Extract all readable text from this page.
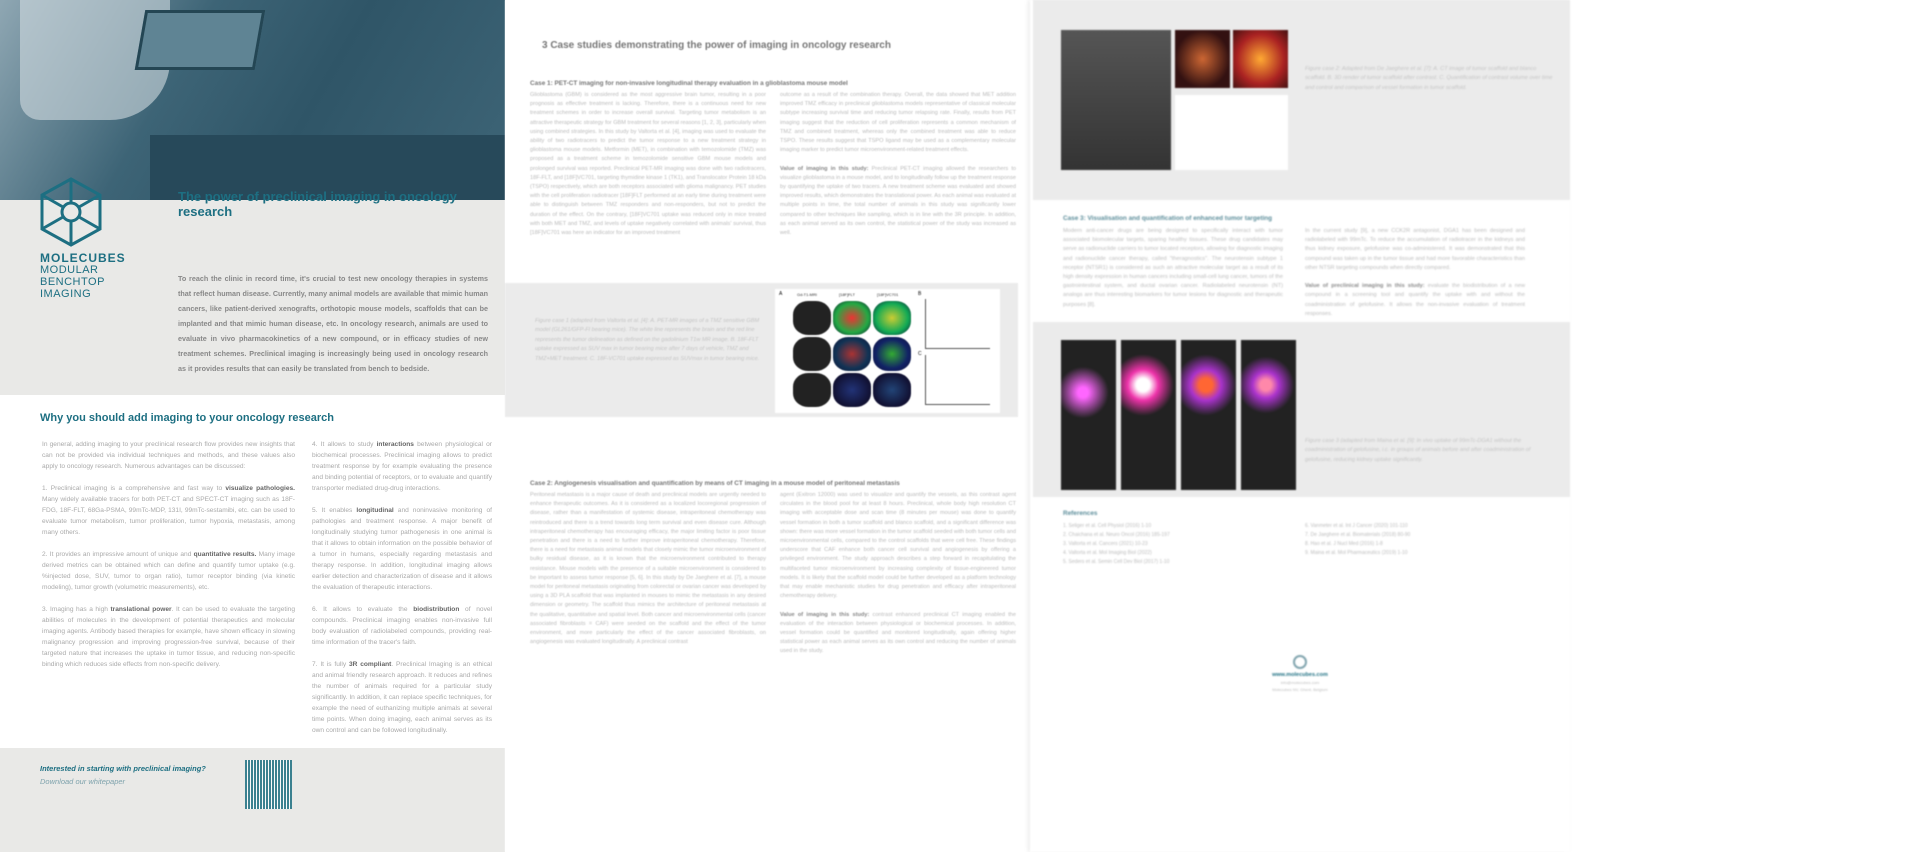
MOLECUBES
MODULAR
BENCHTOP
IMAGING
The power of preclinical imaging in oncology research
To reach the clinic in record time, it's crucial to test new oncology therapies in systems that reflect human disease. Currently, many animal models are available that mimic human cancers, like patient-derived xenografts, orthotopic mouse models, scaffolds that can be implanted and that mimic human disease, etc. In oncology research, animals are used to evaluate in vivo pharmacokinetics of a new compound, or in efficacy studies of new treatment schemes. Preclinical imaging is increasingly being used in oncology research as it provides results that can easily be translated from bench to bedside.
Why you should add imaging to your oncology research

In general, adding imaging to your preclinical research flow provides new insights that can not be provided via individual techniques and methods, and these values also apply to oncology research. Numerous advantages can be discussed:

1. Preclinical imaging is a comprehensive and fast way to visualize pathologies. Many widely available tracers for both PET-CT and SPECT-CT imaging such as 18F-FDG, 18F-FLT, 68Ga-PSMA, 99mTc-MDP, 131I, 99mTc-sestamibi, etc. can be used to evaluate tumor metabolism, tumor proliferation, tumor hypoxia, metastasis, among many others.

2. It provides an impressive amount of unique and quantitative results. Many image derived metrics can be obtained which can define and quantify tumor uptake (e.g. %injected dose, SUV, tumor to organ ratio), tumor receptor binding (via kinetic modeling), tumor growth (volumetric measurements), etc.

3. Imaging has a high translational power. It can be used to evaluate the targeting abilities of molecules in the development of potential therapeutics and molecular imaging agents. Antibody based therapies for example, have shown efficacy in slowing malignancy progression and improving progression-free survival, because of their targeted nature that increases the uptake in tumor tissue, and reducing non-specific binding which reduces side effects from non-specific delivery.

4. It allows to study interactions between physiological or biochemical processes. Preclinical imaging allows to predict treatment response by for example evaluating the presence and binding potential of receptors, or to evaluate and quantify transporter mediated drug-drug interactions.

5. It enables longitudinal and noninvasive monitoring of pathologies and treatment response. A major benefit of longitudinally studying tumor pathogenesis in one animal is that it allows to obtain information on the possible behavior of a tumor in humans, especially regarding metastasis and therapy response. In addition, longitudinal imaging allows earlier detection and characterization of disease and it allows the evaluation of therapeutic interactions.

6. It allows to evaluate the biodistribution of novel compounds. Preclinical imaging enables non-invasive full body evaluation of radiolabeled compounds, providing real-time information of the tracer's faith.

7. It is fully 3R compliant. Preclinical Imaging is an ethical and animal friendly research approach. It reduces and refines the number of animals required for a particular study significantly. In addition, it can replace specific techniques, for example the need of euthanizing multiple animals at several time points. When doing imaging, each animal serves as its own control and can be followed longitudinally.

Interested in starting with preclinical imaging?
Download our whitepaper
3 Case studies demonstrating the power of imaging in oncology research
Case 1: PET-CT imaging for non-invasive longitudinal therapy evaluation in a glioblastoma mouse model
Glioblastoma (GBM) is considered as the most aggressive brain tumor, resulting in a poor prognosis as effective treatment is lacking. Therefore, there is a continuous need for new treatment schemes in order to increase overall survival. Targeting tumor metabolism is an attractive therapeutic strategy for GBM treatment for several reasons [1, 2, 3], particularly when using combined strategies. In this study by Valtorta et al. [4], imaging was used to evaluate the ability of two radiotracers to predict the tumor response to a new treatment strategy in glioblastoma mouse models. Metformin (MET), in combination with temozolomide (TMZ) was proposed as a treatment scheme in temozolomide sensitive GBM mouse models and prolonged survival was reported. Preclinical PET-MR imaging was done with two radiotracers, 18F-FLT, and [18F]VC701, targeting thymidine kinase 1 (TK1), and Translocator Protein 18 kDa (TSPO) respectively, which are both receptors associated with glioma malignancy. PET studies with the cell proliferation radiotracer [18F]FLT performed at an early time during treatment were able to distinguish between TMZ responders and non-responders, but not to predict the duration of the effect. On the contrary, [18F]VC701 uptake was reduced only in mice treated with both MET and TMZ, and levels of uptake negatively correlated with animals' survival, thus [18F]VC701 was here an indicator for an improved treatment
outcome as a result of the combination therapy. Overall, the data showed that MET addition improved TMZ efficacy in preclinical glioblastoma models representative of classical molecular subtype increasing survival time and reducing tumor relapsing rate. Finally, results from PET imaging suggest that the reduction of cell proliferation represents a common mechanism of TMZ and combined treatment, whereas only the combined treatment was able to reduce TSPO. These results suggest that TSPO ligand may be used as a complementary molecular imaging marker to predict tumor microenvironment-related treatment effects.

Value of imaging in this study: Preclinical PET-CT imaging allowed the researchers to visualize glioblastoma in a mouse model, and to longitudinally follow up the treatment response by quantifying the uptake of two tracers. A new treatment scheme was evaluated and showed improved results, which demonstrates the translational power. As each animal was evaluated at multiple points in time, the total number of animals in this study was significantly lower compared to other techniques like sampling, which is in line with the 3R principle. In addition, as each animal served as its own control, the statistical power of the study was increased as well.
Figure case 1 (adapted from Valtorta et al. [4]: A. PET-MR images of a TMZ sensitive GBM model (GL261/GFP-Fl bearing mice). The white line represents the brain and the red line represents the tumor delineation as defined on the gadolinium T1w MR image. B. 18F-FLT uptake expressed as SUV max in tumor bearing mice after 7 days of vehicle, TMZ and TMZ+MET treatment. C. 18F-VC701 uptake expressed as SUVmax in tumor bearing mice.
Gd-T1-MRI	[18F]FLT	[18F]VC701
A	B
C
Case 2: Angiogenesis visualisation and quantification by means of CT imaging in a mouse model of peritoneal metastasis
Peritoneal metastasis is a major cause of death and preclinical models are urgently needed to enhance therapeutic outcomes. As it is considered as a localized locoregional progression of disease, rather than a manifestation of systemic disease, intraperitoneal chemotherapy was reintroduced and there is a trend towards long term survival and even disease cure. Although intraperitoneal chemotherapy has encouraging efficacy, the major limiting factor is poor tissue penetration and there is a need to further improve intraperitoneal chemotherapy. Therefore, there is a need for metastasis animal models that closely mimic the tumor microenvironment of bulky residual disease, as it is known that the microenvironment contributed to therapy resistance. Mouse models with the presence of a suitable microenvironment is considered to be important to assess tumor response [5, 6]. In this study by De Jaeghere et al. [7], a mouse model for peritoneal metastasis originating from colorectal or ovarian cancer was developed by using a 3D PLA scaffold that was implanted in mouses to mimic the metastasis in any desired dimension or geometry. The scaffold thus mimics the architecture of peritoneal metastasis at the qualitative, quantitative and spatial level. Both cancer and microenvironmental cells (cancer associated fibroblasts = CAF) were seeded on the scaffold and the effect of the tumor environment, and more particularly the effect of the cancer associated fibroblasts, on angiogenesis was evaluated longitudinally. A preclinical contrast
agent (Exitron 12000) was used to visualize and quantify the vessels, as this contrast agent circulates in the blood pool for at least 8 hours. Preclinical, whole body high resolution CT imaging with acceptable dose and scan time (8 minutes per mouse) was done to quantify vessel formation in both a tumor scaffold and blanco scaffold, and a significant difference was shown: there was more vessel formation in the tumor scaffold seeded with both tumor cells and microenvironmental cells, compared to the control scaffolds that were cell free. These findings underscore that CAF enhance both cancer cell survival and angiogenesis by offering a privileged environment. The study approach describes a step forward in recapitulating the multifaceted tumor microenvironment by increasing complexity of tissue-engineered tumor models. It is likely that the scaffold model could be further developed as a platform technology that may enable mechanistic studies for drug penetration and efficacy after intraperitoneal chemotherapy delivery.

Value of imaging in this study: contrast enhanced preclinical CT imaging enabled the evaluation of the interaction between physiological or biochemical processes. In addition, vessel formation could be quantified and monitored longitudinally, again offering higher statistical power as each animal serves as its own control and reducing the number of animals used in the study.
Figure case 2: Adapted from De Jaeghere et al. [7]: A. CT image of tumor scaffold and blanco scaffold. B. 3D render of tumor scaffold after contrast. C. Quantification of contrast volume over time and control and comparison of vessel formation in tumor scaffold.
Case 3: Visualisation and quantification of enhanced tumor targeting
Modern anti-cancer drugs are being designed to specifically interact with tumor associated biomolecular targets, sparing healthy tissues. These drug candidates may serve as radionuclide carriers to tumor located receptors, allowing for diagnostic imaging and radionuclide cancer therapy, called "theragnostics". The neurotensin subtype 1 receptor (NTSR1) is considered as such an attractive molecular target as a result of its high density expression in human cancers including small-cell lung cancer, tumors of the gastrointestinal system, and ductal ovarian cancer. Radiolabeled neurotensin (NT) analogs are thus interesting biomarkers for tumor lesions for diagnostic and therapeutic purposes [8].
In the current study [9], a new CCK2R antagonist, DGA1 has been designed and radiolabeled with 99mTc. To reduce the accumulation of radiotracer in the kidneys and thus kidney exposure, gelofusine was co-administered. It was demonstrated that this compound was taken up in the tumor tissue and had more favorable characteristics than other NTSR targeting compounds when directly compared.

Value of preclinical imaging in this study: evaluate the biodistribution of a new compound in a screening tool and quantify the uptake with and without the coadministration of gelofusine. It allows the non-invasive evaluation of treatment responses.
Figure case 3 (adapted from Maina et al. [9]: In vivo uptake of 99mTc-DGA1 without the coadministration of gelofusine, i.c. in groups of animals before and after coadministration of gelofusine, reducing kidney uptake significantly.
References
1. Seliger et al. Cell Physiol (2016) 1-10
2. Chaichana et al. Neuro Oncol (2016) 185-197
3. Valtorta et al. Cancers (2021) 10-23
4. Valtorta et al. Mol Imaging Biol (2022)
5. Seders et al. Semin Cell Dev Biol (2017) 1-10
6. Vanmeter et al. Int J Cancer (2020) 101-110
7. De Jaeghere et al. Biomaterials (2018) 80-90
8. Hao et al. J Nucl Med (2016) 1-8
9. Maina et al. Mol Pharmaceutics (2019) 1-10
www.molecubes.com
info@molecubes.com
Molecubes NV, Ghent, Belgium
